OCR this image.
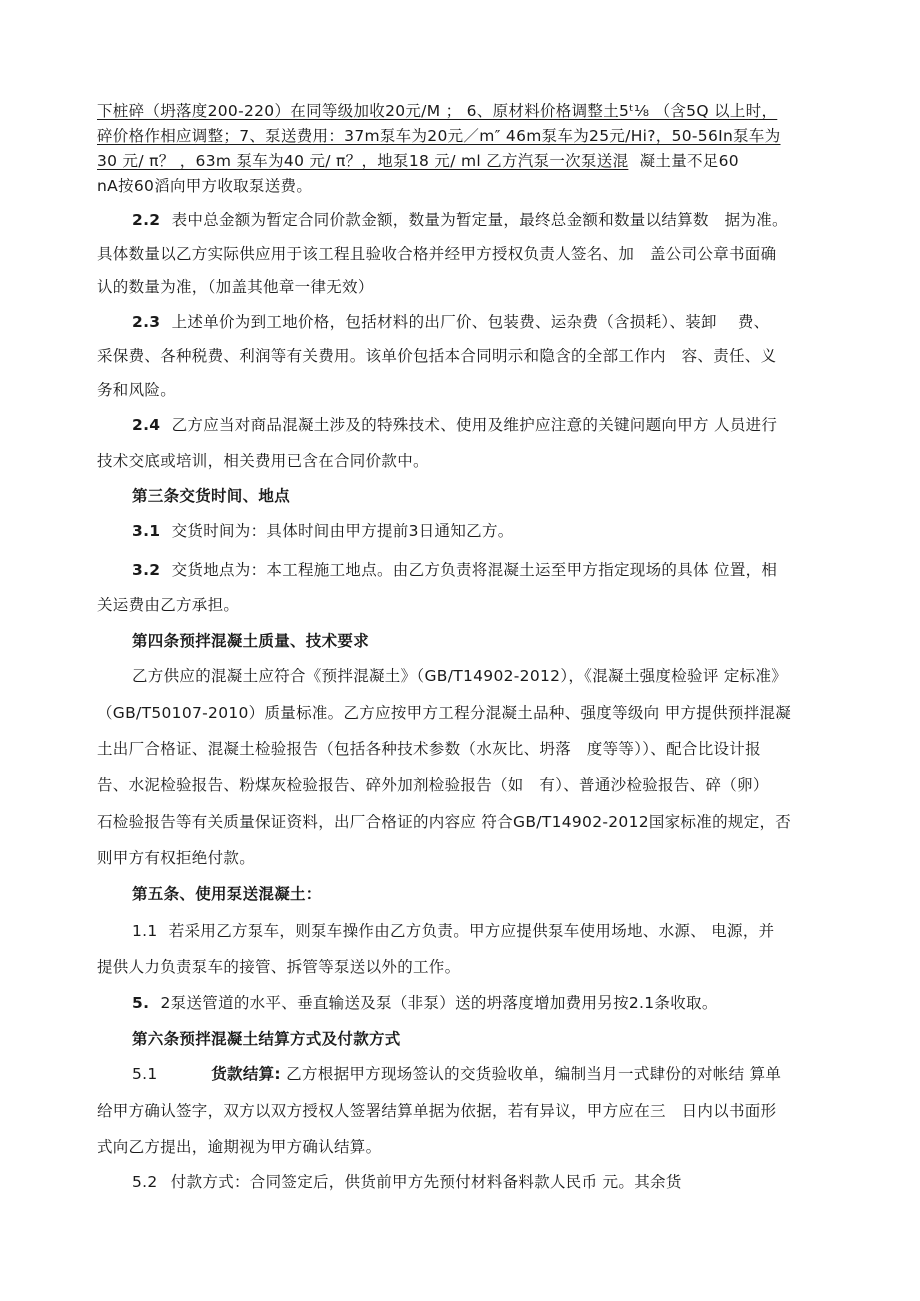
下桩碎（坍落度200-220）在同等级加收20元/M ； 6、原材料价格调整土5ᵗ⅛ （含5Q 以上时，
碎价格作相应调整；7、泵送费用：37m泵车为20元／m″ 46m泵车为25元/Hi?，50-56In泵车为
30 元/ π？ ，63m 泵车为40 元/ π？，地泵18 元/ ml 乙方汽泵一次泵送混 凝土量不足60
nA按60滔向甲方收取泵送费。
2.2 表中总金额为暂定合同价款金额，数量为暂定量，最终总金额和数量以结算数　据为准。
具体数量以乙方实际供应用于该工程且验收合格并经甲方授权负责人签名、加　盖公司公章书面确
认的数量为准，（加盖其他章一律无效）
2.3 上述单价为到工地价格，包括材料的出厂价、包装费、运杂费（含损耗）、装卸　 费、
采保费、各种税费、利润等有关费用。该单价包括本合同明示和隐含的全部工作内　容、责任、义
务和风险。
2.4 乙方应当对商品混凝土涉及的特殊技术、使用及维护应注意的关键问题向甲方 人员进行
技术交底或培训，相关费用已含在合同价款中。
第三条交货时间、地点
3.1 交货时间为：具体时间由甲方提前3日通知乙方。
3.2 交货地点为：本工程施工地点。由乙方负责将混凝土运至甲方指定现场的具体 位置，相
关运费由乙方承担。
第四条预拌混凝土质量、技术要求
乙方供应的混凝土应符合《预拌混凝土》（GB/T14902-2012），《混凝土强度检验评 定标准》
（GB/T50107-2010）质量标准。乙方应按甲方工程分混凝土品种、强度等级向 甲方提供预拌混凝
土出厂合格证、混凝土检验报告（包括各种技术参数（水灰比、坍落　度等等））、配合比设计报
告、水泥检验报告、粉煤灰检验报告、碎外加剂检验报告（如　有）、普通沙检验报告、碎（卵）
石检验报告等有关质量保证资料，出厂合格证的内容应 符合GB/T14902-2012国家标准的规定，否
则甲方有权拒绝付款。
第五条、使用泵送混凝土：
1.1 若采用乙方泵车，则泵车操作由乙方负责。甲方应提供泵车使用场地、水源、 电源，并
提供人力负责泵车的接管、拆管等泵送以外的工作。
5. 2泵送管道的水平、垂直输送及泵（非泵）送的坍落度增加费用另按2.1条收取。
第六条预拌混凝土结算方式及付款方式
5.1	货款结算: 乙方根据甲方现场签认的交货验收单，编制当月一式肆份的对帐结 算单
给甲方确认签字，双方以双方授权人签署结算单据为依据，若有异议，甲方应在三　日内以书面形
式向乙方提出，逾期视为甲方确认结算。
5.2 付款方式：合同签定后，供货前甲方先预付材料备料款人民币 元。其余货
